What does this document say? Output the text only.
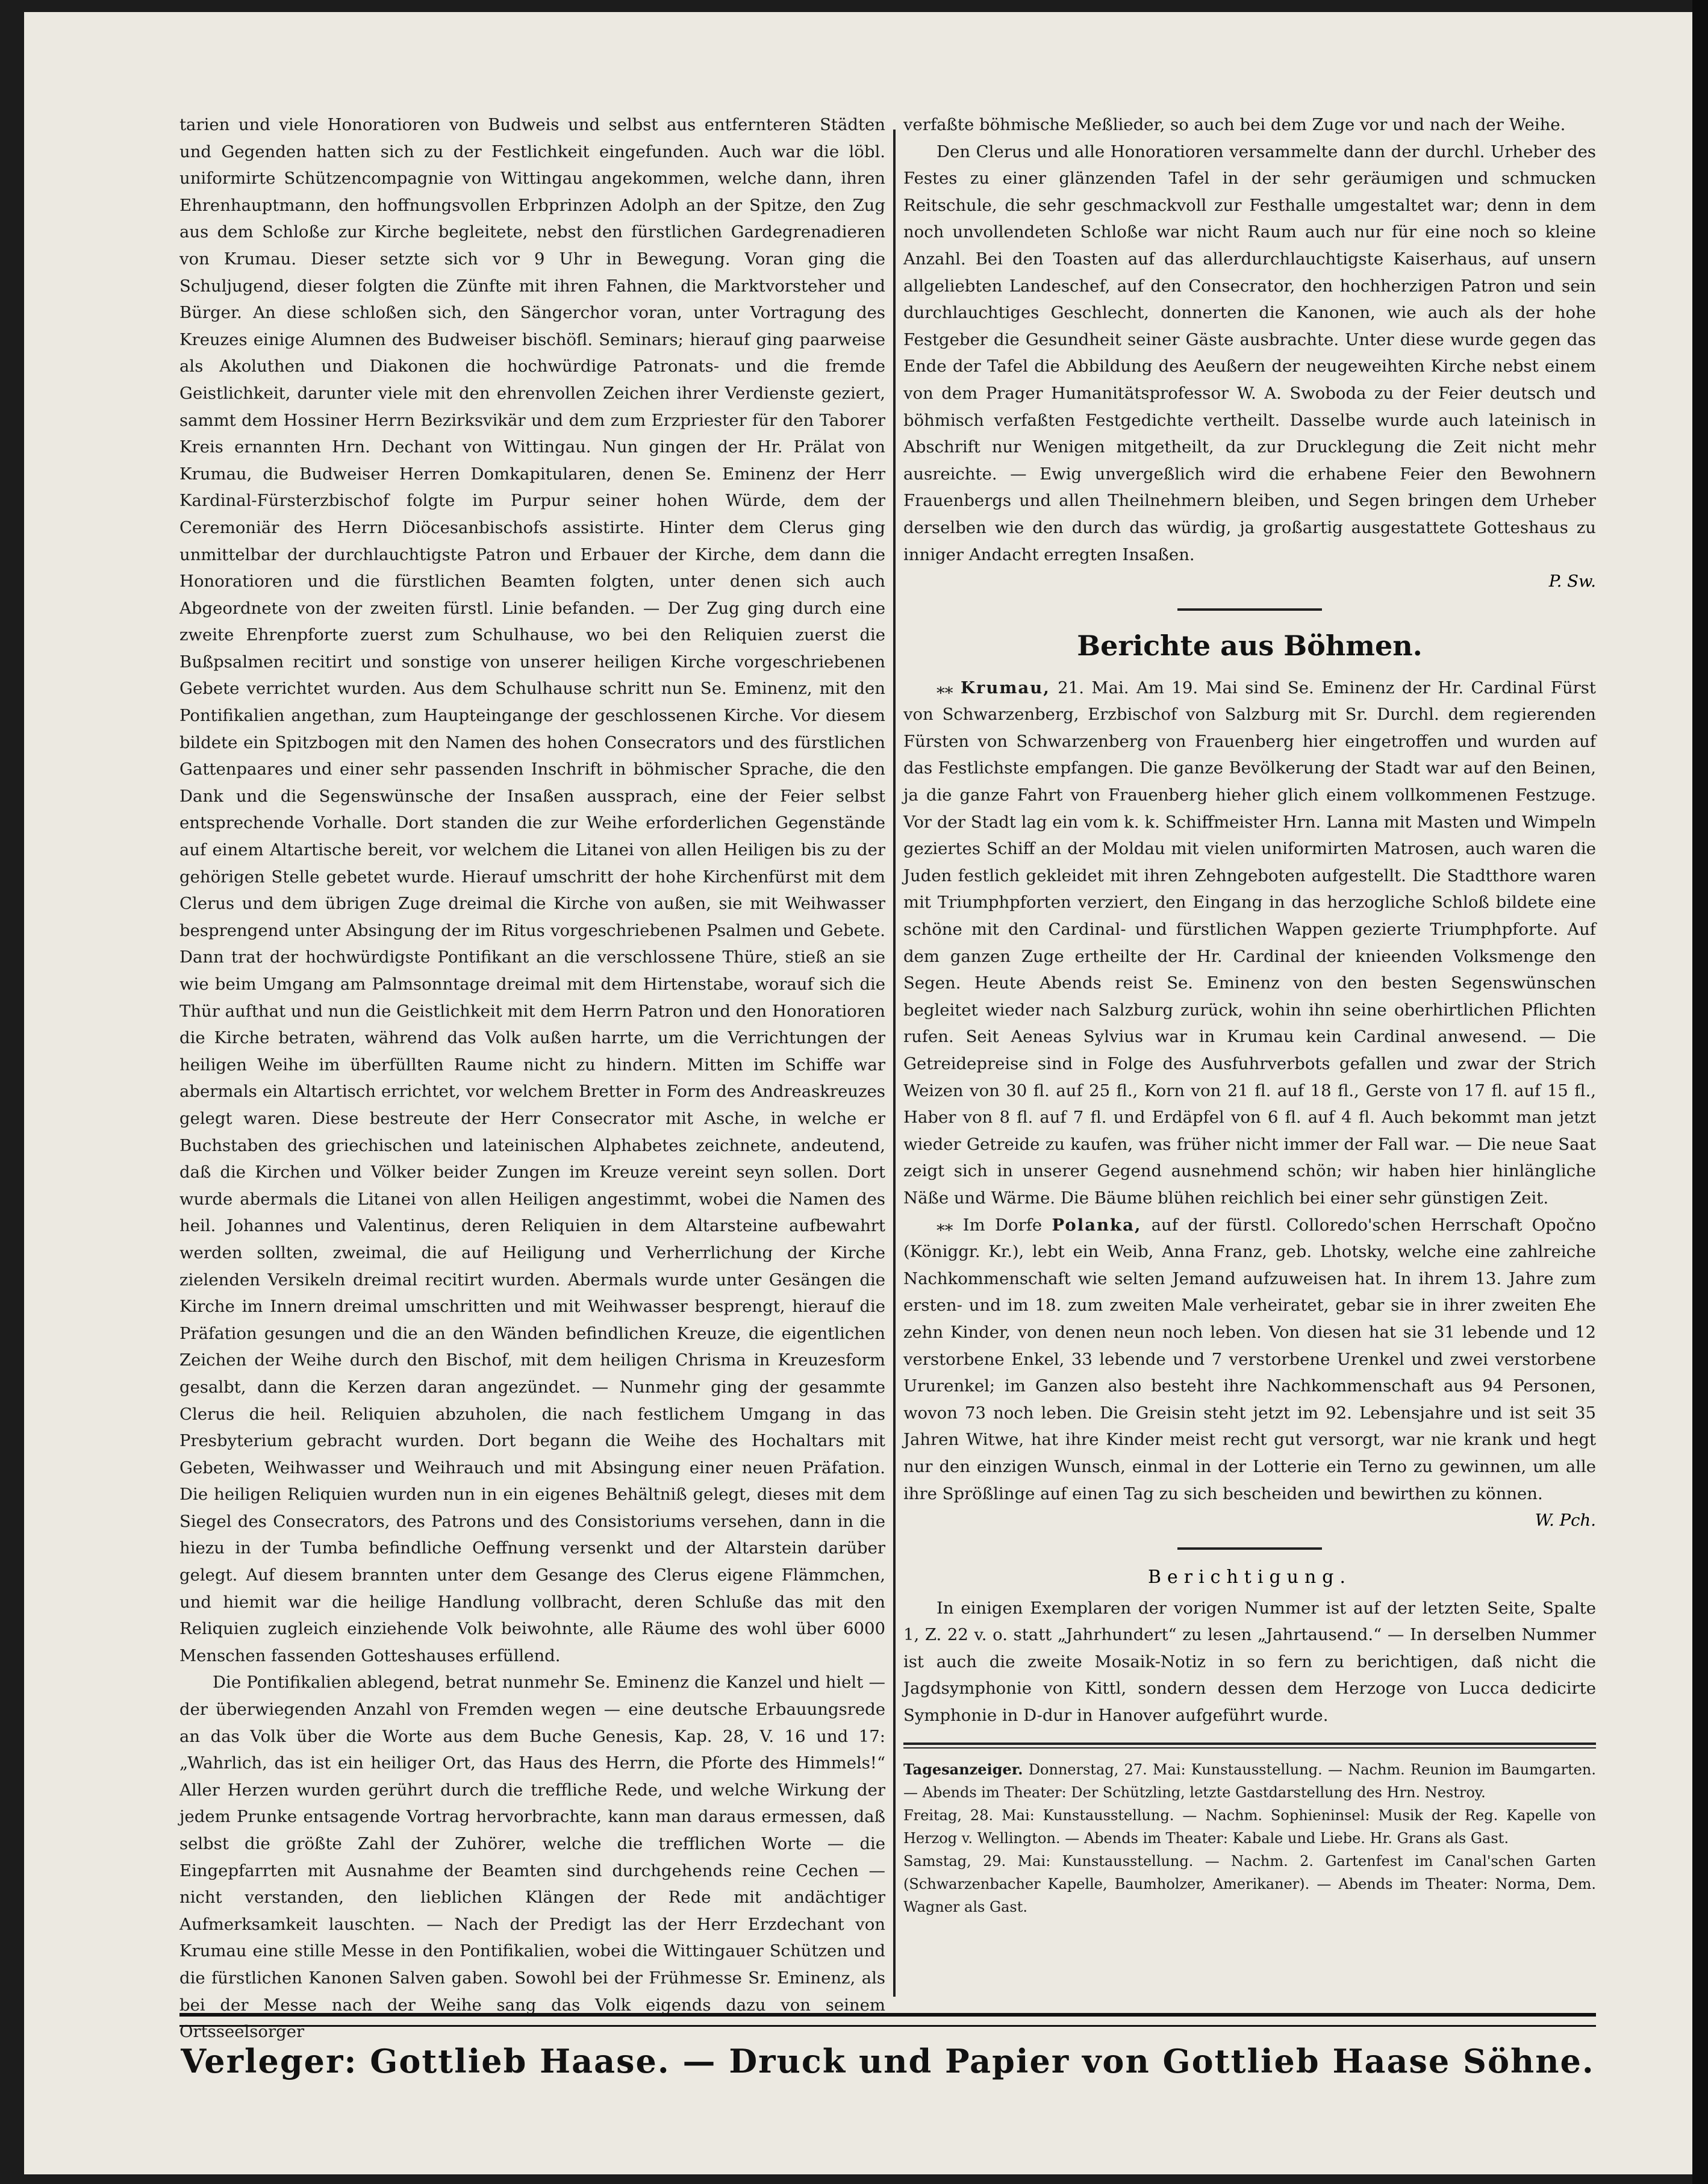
tarien und viele Honoratioren von Budweis und selbst aus entfernteren Städten und Gegenden hatten sich zu der Festlichkeit eingefunden. Auch war die löbl. uniformirte Schützencompagnie von Wittingau angekommen, welche dann, ihren Ehrenhauptmann, den hoffnungsvollen Erbprinzen Adolph an der Spitze, den Zug aus dem Schloße zur Kirche begleitete, nebst den fürstlichen Gardegrenadieren von Krumau. Dieser setzte sich vor 9 Uhr in Bewegung. Voran ging die Schuljugend, dieser folgten die Zünfte mit ihren Fahnen, die Marktvorsteher und Bürger. An diese schloßen sich, den Sängerchor voran, unter Vortragung des Kreuzes einige Alumnen des Budweiser bischöfl. Seminars; hierauf ging paarweise als Akoluthen und Diakonen die hochwürdige Patronats- und die fremde Geistlichkeit, darunter viele mit den ehrenvollen Zeichen ihrer Verdienste geziert, sammt dem Hossiner Herrn Bezirksvikär und dem zum Erzpriester für den Taborer Kreis ernannten Hrn. Dechant von Wittingau. Nun gingen der Hr. Prälat von Krumau, die Budweiser Herren Domkapitularen, denen Se. Eminenz der Herr Kardinal-Fürsterzbischof folgte im Purpur seiner hohen Würde, dem der Ceremoniär des Herrn Diöcesanbischofs assistirte. Hinter dem Clerus ging unmittelbar der durchlauchtigste Patron und Erbauer der Kirche, dem dann die Honoratioren und die fürstlichen Beamten folgten, unter denen sich auch Abgeordnete von der zweiten fürstl. Linie befanden. — Der Zug ging durch eine zweite Ehrenpforte zuerst zum Schulhause, wo bei den Reliquien zuerst die Bußpsalmen recitirt und sonstige von unserer heiligen Kirche vorgeschriebenen Gebete verrichtet wurden. Aus dem Schulhause schritt nun Se. Eminenz, mit den Pontifikalien angethan, zum Haupteingange der geschlossenen Kirche. Vor diesem bildete ein Spitzbogen mit den Namen des hohen Consecrators und des fürstlichen Gattenpaares und einer sehr passenden Inschrift in böhmischer Sprache, die den Dank und die Segenswünsche der Insaßen aussprach, eine der Feier selbst entsprechende Vorhalle. Dort standen die zur Weihe erforderlichen Gegenstände auf einem Altartische bereit, vor welchem die Litanei von allen Heiligen bis zu der gehörigen Stelle gebetet wurde. Hierauf umschritt der hohe Kirchenfürst mit dem Clerus und dem übrigen Zuge dreimal die Kirche von außen, sie mit Weihwasser besprengend unter Absingung der im Ritus vorgeschriebenen Psalmen und Gebete. Dann trat der hochwürdigste Pontifikant an die verschlossene Thüre, stieß an sie wie beim Umgang am Palmsonntage dreimal mit dem Hirtenstabe, worauf sich die Thür aufthat und nun die Geistlichkeit mit dem Herrn Patron und den Honoratioren die Kirche betraten, während das Volk außen harrte, um die Verrichtungen der heiligen Weihe im überfüllten Raume nicht zu hindern. Mitten im Schiffe war abermals ein Altartisch errichtet, vor welchem Bretter in Form des Andreaskreuzes gelegt waren. Diese bestreute der Herr Consecrator mit Asche, in welche er Buchstaben des griechischen und lateinischen Alphabetes zeichnete, andeutend, daß die Kirchen und Völker beider Zungen im Kreuze vereint seyn sollen. Dort wurde abermals die Litanei von allen Heiligen angestimmt, wobei die Namen des heil. Johannes und Valentinus, deren Reliquien in dem Altarsteine aufbewahrt werden sollten, zweimal, die auf Heiligung und Verherrlichung der Kirche zielenden Versikeln dreimal recitirt wurden. Abermals wurde unter Gesängen die Kirche im Innern dreimal umschritten und mit Weihwasser besprengt, hierauf die Präfation gesungen und die an den Wänden befindlichen Kreuze, die eigentlichen Zeichen der Weihe durch den Bischof, mit dem heiligen Chrisma in Kreuzesform gesalbt, dann die Kerzen daran angezündet. — Nunmehr ging der gesammte Clerus die heil. Reliquien abzuholen, die nach festlichem Umgang in das Presbyterium gebracht wurden. Dort begann die Weihe des Hochaltars mit Gebeten, Weihwasser und Weihrauch und mit Absingung einer neuen Präfation. Die heiligen Reliquien wurden nun in ein eigenes Behältniß gelegt, dieses mit dem Siegel des Consecrators, des Patrons und des Consistoriums versehen, dann in die hiezu in der Tumba befindliche Oeffnung versenkt und der Altarstein darüber gelegt. Auf diesem brannten unter dem Gesange des Clerus eigene Flämmchen, und hiemit war die heilige Handlung vollbracht, deren Schluße das mit den Reliquien zugleich einziehende Volk beiwohnte, alle Räume des wohl über 6000 Menschen fassenden Gotteshauses erfüllend.

Die Pontifikalien ablegend, betrat nunmehr Se. Eminenz die Kanzel und hielt — der überwiegenden Anzahl von Fremden wegen — eine deutsche Erbauungsrede an das Volk über die Worte aus dem Buche Genesis, Kap. 28, V. 16 und 17: „Wahrlich, das ist ein heiliger Ort, das Haus des Herrn, die Pforte des Himmels!“ Aller Herzen wurden gerührt durch die treffliche Rede, und welche Wirkung der jedem Prunke entsagende Vortrag hervorbrachte, kann man daraus ermessen, daß selbst die größte Zahl der Zuhörer, welche die trefflichen Worte — die Eingepfarrten mit Ausnahme der Beamten sind durchgehends reine Cechen — nicht verstanden, den lieblichen Klängen der Rede mit andächtiger Aufmerksamkeit lauschten. — Nach der Predigt las der Herr Erzdechant von Krumau eine stille Messe in den Pontifikalien, wobei die Wittingauer Schützen und die fürstlichen Kanonen Salven gaben. Sowohl bei der Frühmesse Sr. Eminenz, als bei der Messe nach der Weihe sang das Volk eigends dazu von seinem Ortsseelsorger

verfaßte böhmische Meßlieder, so auch bei dem Zuge vor und nach der Weihe.

Den Clerus und alle Honoratioren versammelte dann der durchl. Urheber des Festes zu einer glänzenden Tafel in der sehr geräumigen und schmucken Reitschule, die sehr geschmackvoll zur Festhalle umgestaltet war; denn in dem noch unvollendeten Schloße war nicht Raum auch nur für eine noch so kleine Anzahl. Bei den Toasten auf das allerdurchlauchtigste Kaiserhaus, auf unsern allgeliebten Landeschef, auf den Consecrator, den hochherzigen Patron und sein durchlauchtiges Geschlecht, donnerten die Kanonen, wie auch als der hohe Festgeber die Gesundheit seiner Gäste ausbrachte. Unter diese wurde gegen das Ende der Tafel die Abbildung des Aeußern der neugeweihten Kirche nebst einem von dem Prager Humanitätsprofessor W. A. Swoboda zu der Feier deutsch und böhmisch verfaßten Festgedichte vertheilt. Dasselbe wurde auch lateinisch in Abschrift nur Wenigen mitgetheilt, da zur Drucklegung die Zeit nicht mehr ausreichte. — Ewig unvergeßlich wird die erhabene Feier den Bewohnern Frauenbergs und allen Theilnehmern bleiben, und Segen bringen dem Urheber derselben wie den durch das würdig, ja großartig ausgestattete Gotteshaus zu inniger Andacht erregten Insaßen.

P. Sw.

Berichte aus Böhmen.

⁎⁎ Krumau, 21. Mai. Am 19. Mai sind Se. Eminenz der Hr. Cardinal Fürst von Schwarzenberg, Erzbischof von Salzburg mit Sr. Durchl. dem regierenden Fürsten von Schwarzenberg von Frauenberg hier eingetroffen und wurden auf das Festlichste empfangen. Die ganze Bevölkerung der Stadt war auf den Beinen, ja die ganze Fahrt von Frauenberg hieher glich einem vollkommenen Festzuge. Vor der Stadt lag ein vom k. k. Schiffmeister Hrn. Lanna mit Masten und Wimpeln geziertes Schiff an der Moldau mit vielen uniformirten Matrosen, auch waren die Juden festlich gekleidet mit ihren Zehngeboten aufgestellt. Die Stadtthore waren mit Triumphpforten verziert, den Eingang in das herzogliche Schloß bildete eine schöne mit den Cardinal- und fürstlichen Wappen gezierte Triumphpforte. Auf dem ganzen Zuge ertheilte der Hr. Cardinal der knieenden Volksmenge den Segen. Heute Abends reist Se. Eminenz von den besten Segenswünschen begleitet wieder nach Salzburg zurück, wohin ihn seine oberhirtlichen Pflichten rufen. Seit Aeneas Sylvius war in Krumau kein Cardinal anwesend. — Die Getreidepreise sind in Folge des Ausfuhrverbots gefallen und zwar der Strich Weizen von 30 fl. auf 25 fl., Korn von 21 fl. auf 18 fl., Gerste von 17 fl. auf 15 fl., Haber von 8 fl. auf 7 fl. und Erdäpfel von 6 fl. auf 4 fl. Auch bekommt man jetzt wieder Getreide zu kaufen, was früher nicht immer der Fall war. — Die neue Saat zeigt sich in unserer Gegend ausnehmend schön; wir haben hier hinlängliche Näße und Wärme. Die Bäume blühen reichlich bei einer sehr günstigen Zeit.

⁎⁎ Im Dorfe Polanka, auf der fürstl. Colloredo'schen Herrschaft Opočno (Königgr. Kr.), lebt ein Weib, Anna Franz, geb. Lhotsky, welche eine zahlreiche Nachkommenschaft wie selten Jemand aufzuweisen hat. In ihrem 13. Jahre zum ersten- und im 18. zum zweiten Male verheiratet, gebar sie in ihrer zweiten Ehe zehn Kinder, von denen neun noch leben. Von diesen hat sie 31 lebende und 12 verstorbene Enkel, 33 lebende und 7 verstorbene Urenkel und zwei verstorbene Ururenkel; im Ganzen also besteht ihre Nachkommenschaft aus 94 Personen, wovon 73 noch leben. Die Greisin steht jetzt im 92. Lebensjahre und ist seit 35 Jahren Witwe, hat ihre Kinder meist recht gut versorgt, war nie krank und hegt nur den einzigen Wunsch, einmal in der Lotterie ein Terno zu gewinnen, um alle ihre Sprößlinge auf einen Tag zu sich bescheiden und bewirthen zu können.

W. Pch.

Berichtigung.

In einigen Exemplaren der vorigen Nummer ist auf der letzten Seite, Spalte 1, Z. 22 v. o. statt „Jahrhundert“ zu lesen „Jahrtausend.“ — In derselben Nummer ist auch die zweite Mosaik-Notiz in so fern zu berichtigen, daß nicht die Jagdsymphonie von Kittl, sondern dessen dem Herzoge von Lucca dedicirte Symphonie in D-dur in Hanover aufgeführt wurde.

Tagesanzeiger. Donnerstag, 27. Mai: Kunstausstellung. — Nachm. Reunion im Baumgarten. — Abends im Theater: Der Schützling, letzte Gastdarstellung des Hrn. Nestroy.

Freitag, 28. Mai: Kunstausstellung. — Nachm. Sophieninsel: Musik der Reg. Kapelle von Herzog v. Wellington. — Abends im Theater: Kabale und Liebe. Hr. Grans als Gast.

Samstag, 29. Mai: Kunstausstellung. — Nachm. 2. Gartenfest im Canal'schen Garten (Schwarzenbacher Kapelle, Baumholzer, Amerikaner). — Abends im Theater: Norma, Dem. Wagner als Gast.

Verleger: Gottlieb Haase. — Druck und Papier von Gottlieb Haase Söhne.
